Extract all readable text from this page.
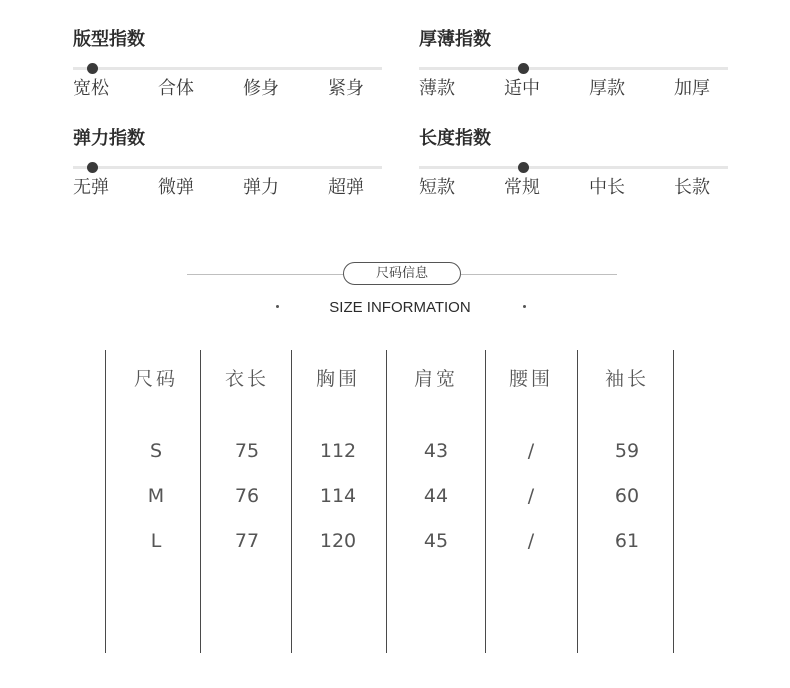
版型指数
宽松	合体	修身	紧身
厚薄指数
薄款	适中	厚款	加厚
弹力指数
无弹	微弹	弹力	超弹
长度指数
短款	常规	中长	长款
尺码信息
SIZE INFORMATION
尺码	衣长	胸围	肩宽	腰围	袖长
S	75	112	43	/	59
M	76	114	44	/	60
L	77	120	45	/	61
